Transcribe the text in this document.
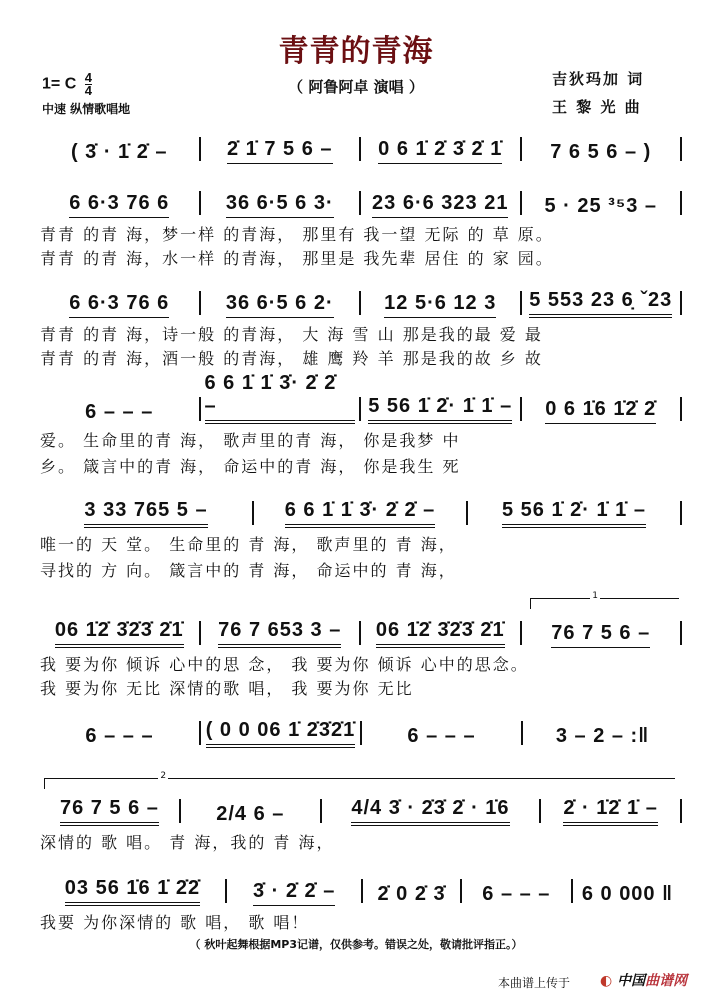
青青的青海
1= C $\frac{4}{4}$	（ 阿鲁阿卓 演唱 ）
中速 纵情歌唱地
吉狄玛加 词
王 黎 光 曲
( 3̇ · 1̇ 2̇ –	2̇ 1̇ 7 5 6 – 0 6 1̇ 2̇ 3̇ 2̇ 1̇ 7 6 5 6 – )
6 6·3 76 6	36 6·5 6 3· 23 6·6 323 21 5 · 25 ³⁵3 –
青青 的青 海，梦一样 的青海， 那里有 我一望 无际 的 草 原。
青青 的青 海，水一样 的青海， 那里是 我先辈 居住 的 家 园。
6 6·3 76 6	36 6·5 6 2·	12 5·6 12 3 5 553 23 6̣ ˇ23
青青 的青 海，诗一般 的青海， 大 海 雪 山 那是我的最 爱 最
青青 的青 海，酒一般 的青海， 雄 鹰 羚 羊 那是我的故 乡 故
6 – – –
6 6 1̇ 1̇ 3̇· 2̇ 2̇ –	5 56 1̇ 2̇· 1̇ 1̇ – 0 6 1̇6 1̇2̇ 2̇
爱。 生命里的青 海， 歌声里的青 海， 你是我梦 中
乡。 箴言中的青 海， 命运中的青 海， 你是我生 死
3 33 765 5 –	6 6 1̇ 1̇ 3̇· 2̇ 2̇ –	5 56 1̇ 2̇· 1̇ 1̇ –
唯一的 天 堂。 生命里的 青 海， 歌声里的 青 海，
寻找的 方 向。 箴言中的 青 海， 命运中的 青 海，
1
06 1̇2̇ 3̇2̇3̇ 2̇1̇ 76 7 653 3 – 06 1̇2̇ 3̇2̇3̇ 2̇1̇ 76 7 5 6 –
我 要为你 倾诉 心中的思 念， 我 要为你 倾诉 心中的思念。
我 要为你 无比 深情的歌 唱， 我 要为你 无比
6 – – –	( 0 0 06 1̇ 2̇3̇2̇1̇	6 – – –	3 – 2 – :‖
2
76 7 5 6 –	2/4 6 –	4/4 3̇ · 2̇3̇ 2̇ · 1̇6	2̇ · 1̇2̇ 1̇ –
深情的 歌 唱。 青 海，我的 青 海，
03 56 1̇6 1̇ 2̇2̇	3̇ · 2̇ 2̇ – 2̇ 0 2̇ 3̇ 6 – – – 6 0 000 ‖
我要 为你深情的 歌 唱， 歌 唱！
（ 秋叶起舞根据MP3记谱，仅供参考。错误之处，敬请批评指正。）
本曲谱上传于 ◐ 中国曲谱网
